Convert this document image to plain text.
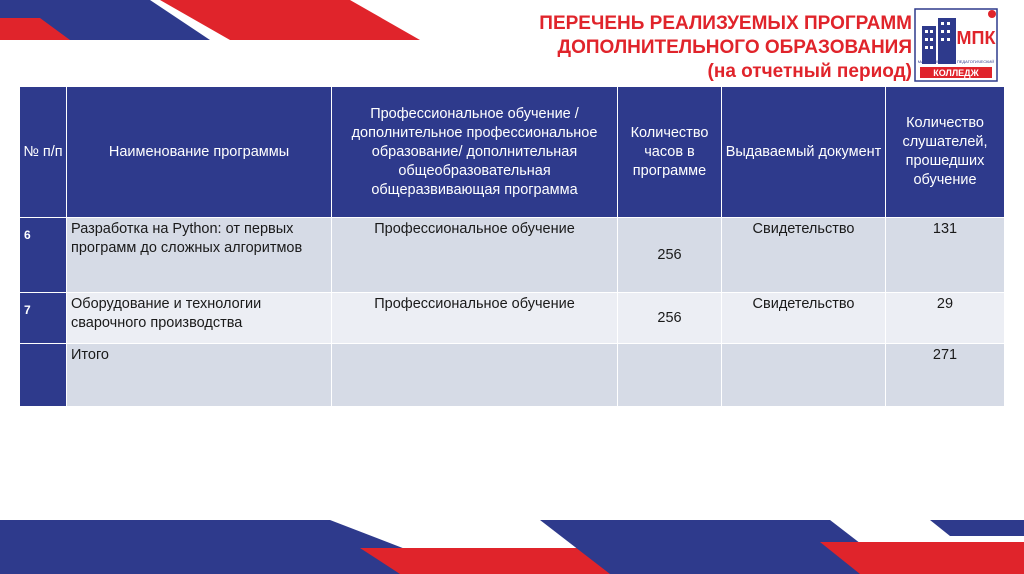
ПЕРЕЧЕНЬ РЕАЛИЗУЕМЫХ ПРОГРАММ
ДОПОЛНИТЕЛЬНОГО ОБРАЗОВАНИЯ
(на отчетный период)
МПК
МАГНИТОГОРСКИЙ ПЕДАГОГИЧЕСКИЙ
КОЛЛЕДЖ
№ п/п	Наименование программы	Профессиональное обучение / дополнительное профессиональное образование/ дополнительная общеобразовательная общеразвивающая программа	Количество часов в программе	Выдаваемый документ	Количество слушателей, прошедших обучение
6	Разработка на Python: от первых программ до сложных алгоритмов	Профессиональное обучение	256	Свидетельство	131
7	Оборудование и технологии сварочного производства	Профессиональное обучение	256	Свидетельство	29
	Итого				271
